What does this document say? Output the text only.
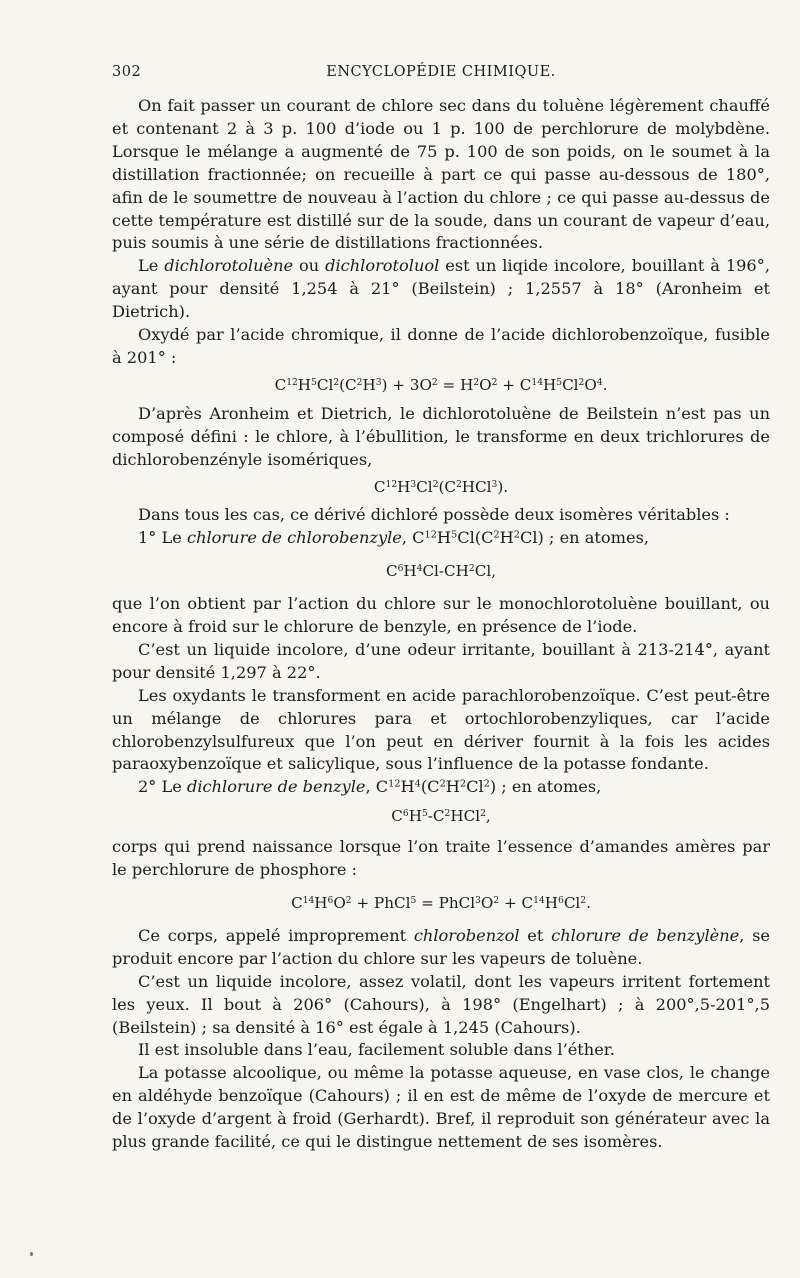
302	ENCYCLOPÉDIE CHIMIQUE.

On fait passer un courant de chlore sec dans du toluène légèrement chauffé et contenant 2 à 3 p. 100 d’iode ou 1 p. 100 de perchlorure de molybdène. Lorsque le mélange a augmenté de 75 p. 100 de son poids, on le soumet à la distillation fractionnée; on recueille à part ce qui passe au-dessous de 180°, afin de le soumettre de nouveau à l’action du chlore ; ce qui passe au-dessus de cette température est distillé sur de la soude, dans un courant de vapeur d’eau, puis soumis à une série de distillations fractionnées.

Le dichlorotoluène ou dichlorotoluol est un liqide incolore, bouillant à 196°, ayant pour densité 1,254 à 21° (Beilstein) ; 1,2557 à 18° (Aronheim et Dietrich).

Oxydé par l’acide chromique, il donne de l’acide dichlorobenzoïque, fusible à 201° :

$C^{12}H^5Cl^2(C^2H^3) + 3O^2 = H^2O^2 + C^{14}H^5Cl^2O^4$.

D’après Aronheim et Dietrich, le dichlorotoluène de Beilstein n’est pas un composé défini : le chlore, à l’ébullition, le transforme en deux trichlorures de dichlorobenzényle isomériques,

$C^{12}H^3Cl^2(C^2HCl^3)$.

Dans tous les cas, ce dérivé dichloré possède deux isomères véritables :

1° Le chlorure de chlorobenzyle, $C^{12}H^5Cl(C^2H^2Cl)$ ; en atomes,

$C^6H^4Cl-CH^2Cl$,

que l’on obtient par l’action du chlore sur le monochlorotoluène bouillant, ou encore à froid sur le chlorure de benzyle, en présence de l’iode.

C’est un liquide incolore, d’une odeur irritante, bouillant à 213-214°, ayant pour densité 1,297 à 22°.

Les oxydants le transforment en acide parachlorobenzoïque. C’est peut-être un mélange de chlorures para et ortochlorobenzyliques, car l’acide chlorobenzylsulfureux que l’on peut en dériver fournit à la fois les acides paraoxybenzoïque et salicylique, sous l’influence de la potasse fondante.

2° Le dichlorure de benzyle, $C^{12}H^4(C^2H^2Cl^2)$ ; en atomes,

$C^6H^5-C^2HCl^2$,

corps qui prend naissance lorsque l’on traite l’essence d’amandes amères par le perchlorure de phosphore :

$C^{14}H^6O^2$ + PhCl$^5$ = $PhCl^3O^2 + C^{14}H^6Cl^2$.

Ce corps, appelé improprement chlorobenzol et chlorure de benzylène, se produit encore par l’action du chlore sur les vapeurs de toluène.

C’est un liquide incolore, assez volatil, dont les vapeurs irritent fortement les yeux. Il bout à 206° (Cahours), à 198° (Engelhart) ; à 200°,5-201°,5 (Beilstein) ; sa densité à 16° est égale à 1,245 (Cahours).

Il est insoluble dans l’eau, facilement soluble dans l’éther.

La potasse alcoolique, ou même la potasse aqueuse, en vase clos, le change en aldéhyde benzoïque (Cahours) ; il en est de même de l’oxyde de mercure et de l’oxyde d’argent à froid (Gerhardt). Bref, il reproduit son générateur avec la plus grande facilité, ce qui le distingue nettement de ses isomères.
